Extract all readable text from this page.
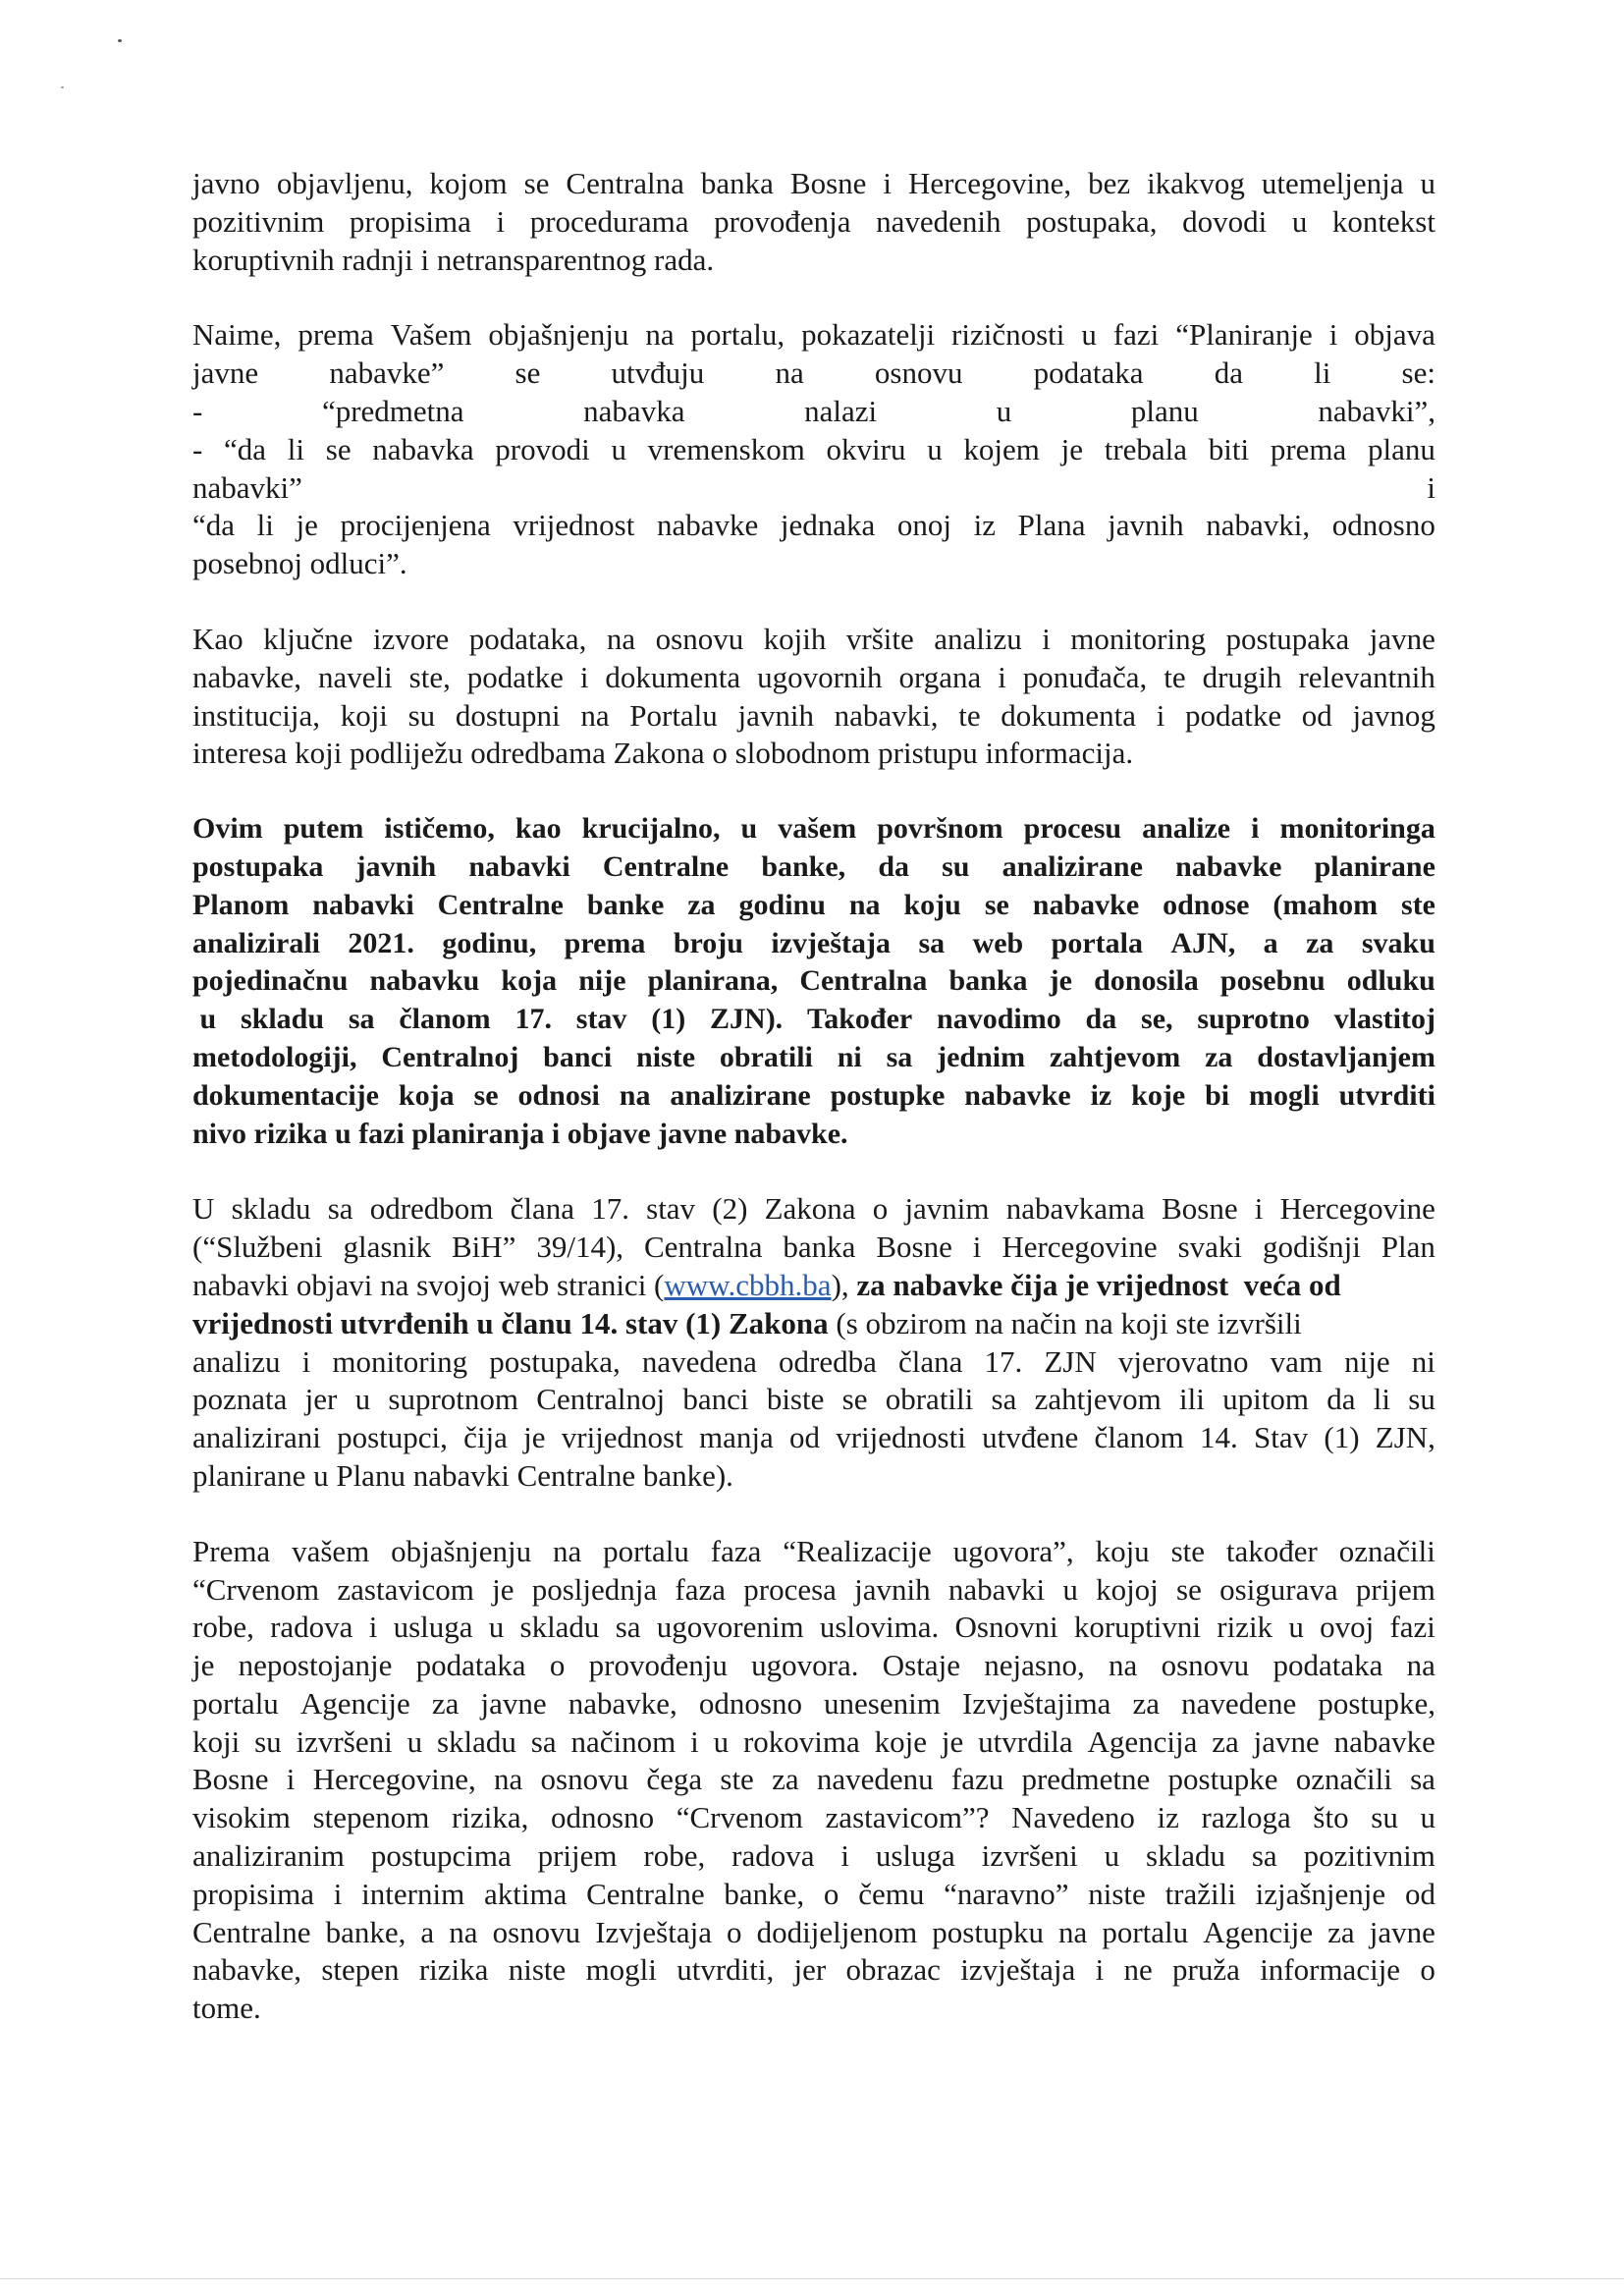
javno objavljenu, kojom se Centralna banka Bosne i Hercegovine, bez ikakvog utemeljenja u
pozitivnim propisima i procedurama provođenja navedenih postupaka, dovodi u kontekst
koruptivnih radnji i netransparentnog rada.
Naime, prema Vašem objašnjenju na portalu, pokazatelji rizičnosti u fazi “Planiranje i objava
javne nabavke” se utvđuju na osnovu podataka da li se:
-	“predmetna	nabavka	nalazi	u	planu	nabavki”,
- “da li se nabavka provodi u vremenskom okviru u kojem je trebala biti prema planu
nabavki”	i
“da li je procijenjena vrijednost nabavke jednaka onoj iz Plana javnih nabavki, odnosno
posebnoj odluci”.
Kao ključne izvore podataka, na osnovu kojih vršite analizu i monitoring postupaka javne
nabavke, naveli ste, podatke i dokumenta ugovornih organa i ponuđača, te drugih relevantnih
institucija, koji su dostupni na Portalu javnih nabavki, te dokumenta i podatke od javnog
interesa koji podliježu odredbama Zakona o slobodnom pristupu informacija.
Ovim putem ističemo, kao krucijalno, u vašem površnom procesu analize i monitoringa
postupaka javnih nabavki Centralne banke, da su analizirane nabavke planirane
Planom nabavki Centralne banke za godinu na koju se nabavke odnose (mahom ste
analizirali 2021. godinu, prema broju izvještaja sa web portala AJN, a za svaku
pojedinačnu nabavku koja nije planirana, Centralna banka je donosila posebnu odluku
u skladu sa članom 17. stav (1) ZJN). Također navodimo da se, suprotno vlastitoj
metodologiji, Centralnoj banci niste obratili ni sa jednim zahtjevom za dostavljanjem
dokumentacije koja se odnosi na analizirane postupke nabavke iz koje bi mogli utvrditi
nivo rizika u fazi planiranja i objave javne nabavke.
U skladu sa odredbom člana 17. stav (2) Zakona o javnim nabavkama Bosne i Hercegovine
(“Službeni glasnik BiH” 39/14), Centralna banka Bosne i Hercegovine svaki godišnji Plan
nabavki objavi na svojoj web stranici ( www.cbbh.ba ), za nabavke čija je vrijednost  veća od
vrijednosti utvrđenih u članu 14. stav (1) Zakona (s obzirom na način na koji ste izvršili
analizu i monitoring postupaka, navedena odredba člana 17. ZJN vjerovatno vam nije ni
poznata jer u suprotnom Centralnoj banci biste se obratili sa zahtjevom ili upitom da li su
analizirani postupci, čija je vrijednost manja od vrijednosti utvđene članom 14. Stav (1) ZJN,
planirane u Planu nabavki Centralne banke).
Prema vašem objašnjenju na portalu faza “Realizacije ugovora”, koju ste također označili
“Crvenom zastavicom je posljednja faza procesa javnih nabavki u kojoj se osigurava prijem
robe, radova i usluga u skladu sa ugovorenim uslovima. Osnovni koruptivni rizik u ovoj fazi
je nepostojanje podataka o provođenju ugovora. Ostaje nejasno, na osnovu podataka na
portalu Agencije za javne nabavke, odnosno unesenim Izvještajima za navedene postupke,
koji su izvršeni u skladu sa načinom i u rokovima koje je utvrdila Agencija za javne nabavke
Bosne i Hercegovine, na osnovu čega ste za navedenu fazu predmetne postupke označili sa
visokim stepenom rizika, odnosno “Crvenom zastavicom”? Navedeno iz razloga što su u
analiziranim postupcima prijem robe, radova i usluga izvršeni u skladu sa pozitivnim
propisima i internim aktima Centralne banke, o čemu “naravno” niste tražili izjašnjenje od
Centralne banke, a na osnovu Izvještaja o dodijeljenom postupku na portalu Agencije za javne
nabavke, stepen rizika niste mogli utvrditi, jer obrazac izvještaja i ne pruža informacije o
tome.
